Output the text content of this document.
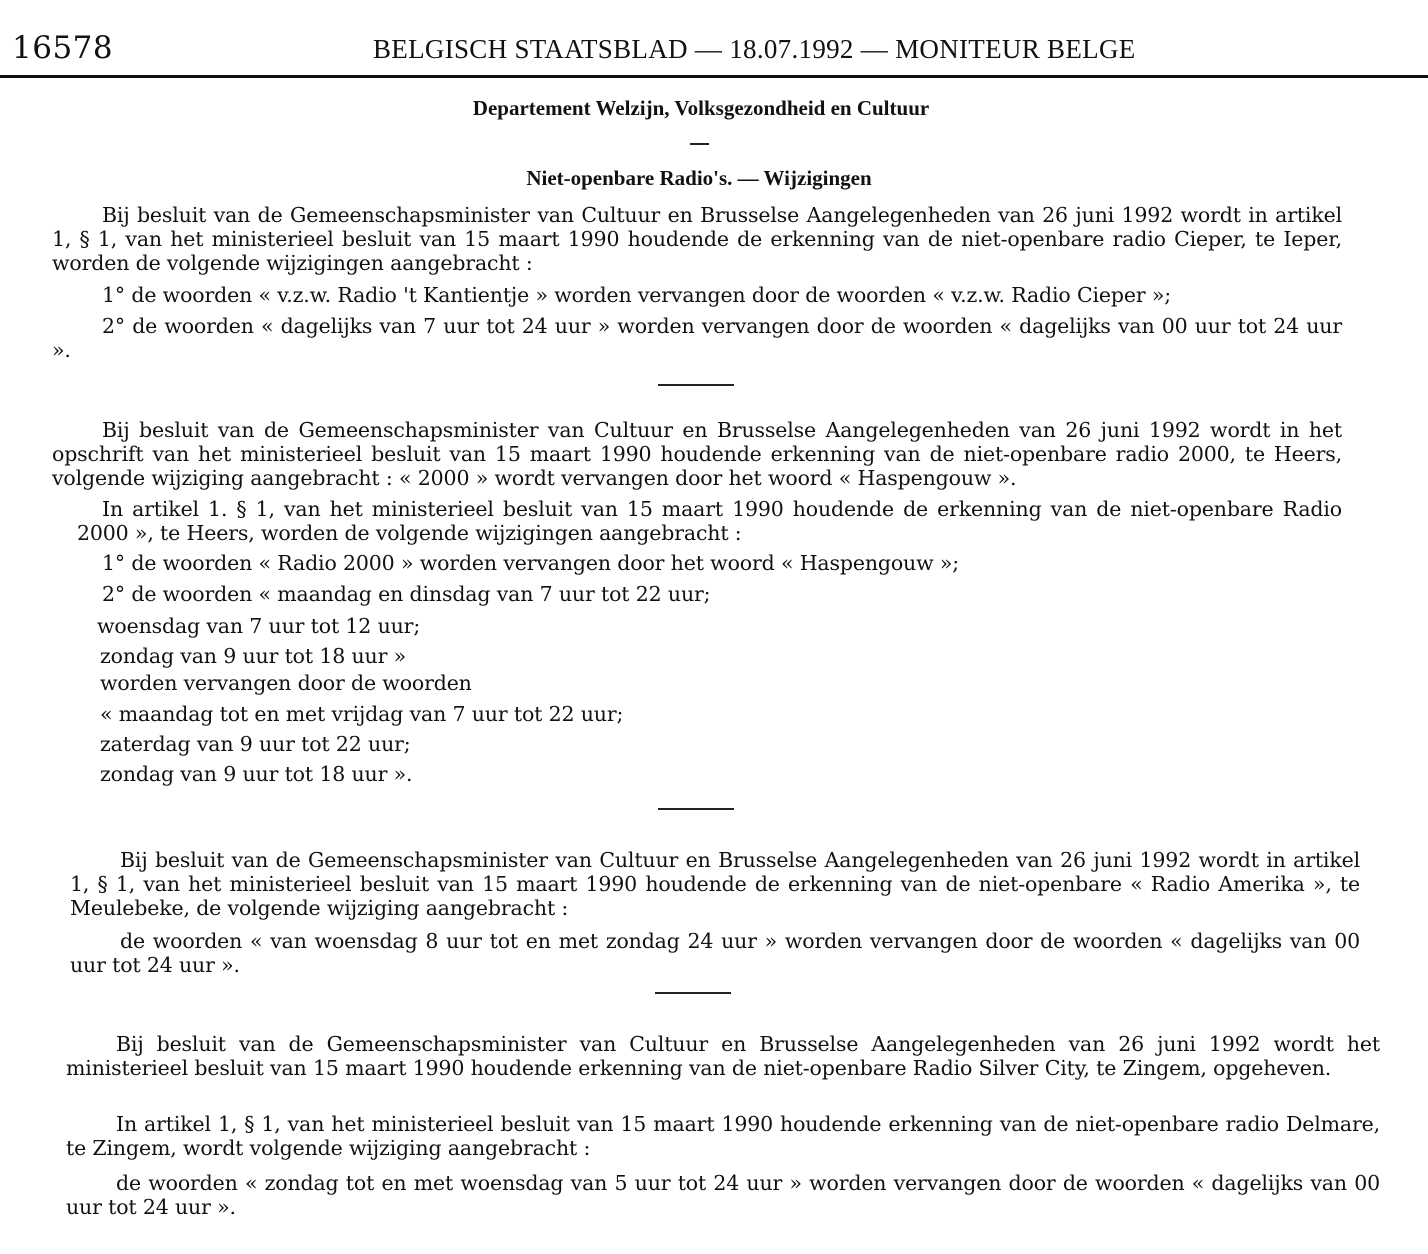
16578	BELGISCH STAATSBLAD — 18.07.1992 — MONITEUR BELGE
Departement Welzijn, Volksgezondheid en Cultuur
Niet-openbare Radio's. — Wijzigingen
Bij besluit van de Gemeenschapsminister van Cultuur en Brusselse Aangelegenheden van 26 juni 1992 wordt in artikel 1, § 1, van het ministerieel besluit van 15 maart 1990 houdende de erkenning van de niet-openbare radio Cieper, te Ieper, worden de volgende wijzigingen aangebracht :
1° de woorden « v.z.w. Radio 't Kantientje » worden vervangen door de woorden « v.z.w. Radio Cieper »;
2° de woorden « dagelijks van 7 uur tot 24 uur » worden vervangen door de woorden « dagelijks van 00 uur tot 24 uur ».
Bij besluit van de Gemeenschapsminister van Cultuur en Brusselse Aangelegenheden van 26 juni 1992 wordt in het opschrift van het ministerieel besluit van 15 maart 1990 houdende erkenning van de niet-openbare radio 2000, te Heers, volgende wijziging aangebracht : « 2000 » wordt vervangen door het woord « Haspengouw ».
In artikel 1. § 1, van het ministerieel besluit van 15 maart 1990 houdende de erkenning van de niet-openbare Radio 2000 », te Heers, worden de volgende wijzigingen aangebracht :
1° de woorden « Radio 2000 » worden vervangen door het woord « Haspengouw »;
2° de woorden « maandag en dinsdag van 7 uur tot 22 uur;
woensdag van 7 uur tot 12 uur;
zondag van 9 uur tot 18 uur »
worden vervangen door de woorden
« maandag tot en met vrijdag van 7 uur tot 22 uur;
zaterdag van 9 uur tot 22 uur;
zondag van 9 uur tot 18 uur ».
Bij besluit van de Gemeenschapsminister van Cultuur en Brusselse Aangelegenheden van 26 juni 1992 wordt in artikel 1, § 1, van het ministerieel besluit van 15 maart 1990 houdende de erkenning van de niet-openbare « Radio Amerika », te Meulebeke, de volgende wijziging aangebracht :
de woorden « van woensdag 8 uur tot en met zondag 24 uur » worden vervangen door de woorden « dagelijks van 00 uur tot 24 uur ».
Bij besluit van de Gemeenschapsminister van Cultuur en Brusselse Aangelegenheden van 26 juni 1992 wordt het ministerieel besluit van 15 maart 1990 houdende erkenning van de niet-openbare Radio Silver City, te Zingem, opgeheven.
In artikel 1, § 1, van het ministerieel besluit van 15 maart 1990 houdende erkenning van de niet-openbare radio Delmare, te Zingem, wordt volgende wijziging aangebracht :
de woorden « zondag tot en met woensdag van 5 uur tot 24 uur » worden vervangen door de woorden « dagelijks van 00 uur tot 24 uur ».
